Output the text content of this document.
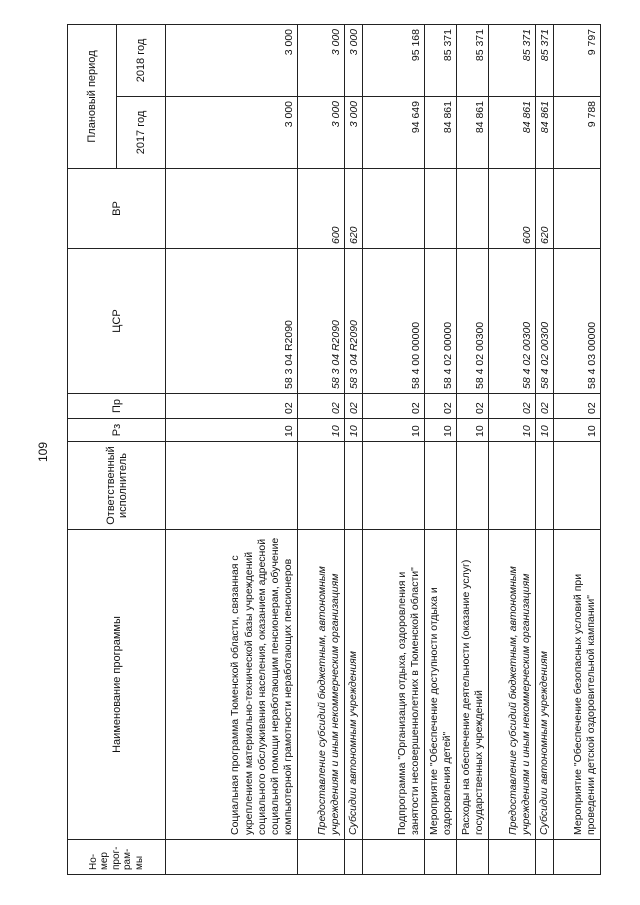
109
Но-мер прог-рам-мы	Наименование программы	Ответственный исполнитель	Рз	Пр	ЦСР	ВР	Плановый период	
							2017 год	2018 год
	Социальная программа Тюменской области, связанная с укреплением материально-технической базы учреждений социального обслуживания населения, оказанием адресной социальной помощи неработающим пенсионерам, обучение компьютерной грамотности неработающих пенсионеров		10	02	58 3 04 R2090		3 000	3 000
	Предоставление субсидий бюджетным, автономным учреждениям и иным некоммерческим организациям		10	02	58 3 04 R2090	600	3 000	3 000
	Субсидии автономным учреждениям		10	02	58 3 04 R2090	620	3 000	3 000
	Подпрограмма "Организация отдыха, оздоровления и занятости несовершеннолетних в Тюменской области"		10	02	58 4 00 00000		94 649	95 168
	Мероприятие "Обеспечение доступности отдыха и оздоровления детей"		10	02	58 4 02 00000		84 861	85 371
	Расходы на обеспечение деятельности (оказание услуг) государственных учреждений		10	02	58 4 02 00300		84 861	85 371
	Предоставление субсидий бюджетным, автономным учреждениям и иным некоммерческим организациям		10	02	58 4 02 00300	600	84 861	85 371
	Субсидии автономным учреждениям		10	02	58 4 02 00300	620	84 861	85 371
	Мероприятие "Обеспечение безопасных условий при проведении детской оздоровительной кампании"		10	02	58 4 03 00000		9 788	9 797
